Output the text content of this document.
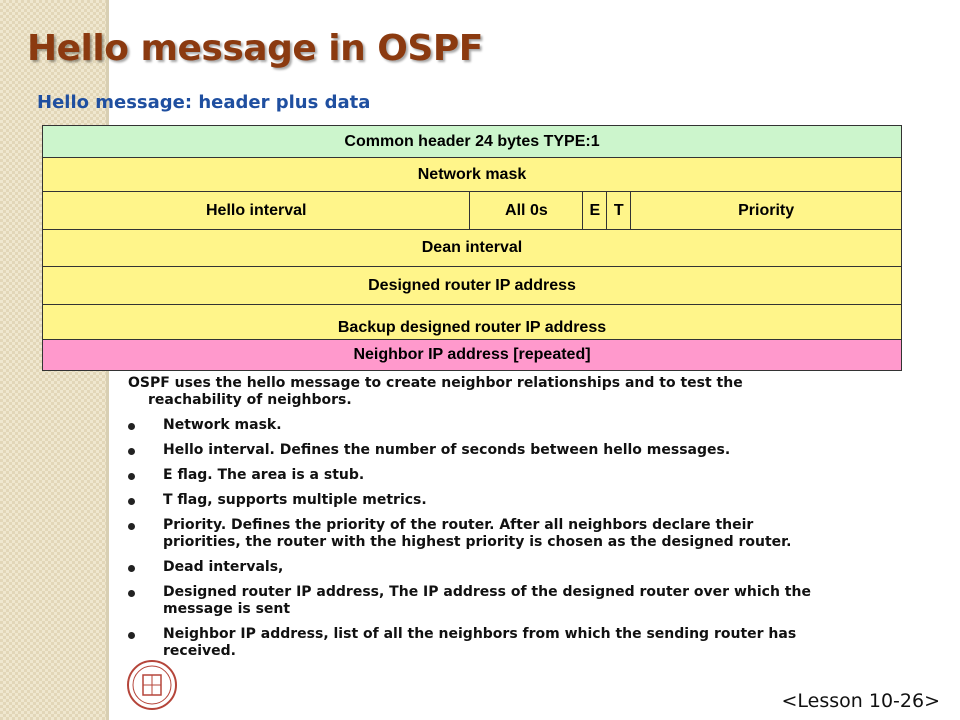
Hello message in OSPF
Hello message: header plus data
Common header 24 bytes TYPE:1
Network mask
Hello interval	All 0s	E	T	Priority
Dean interval
Designed router IP address
Backup designed router IP address
Neighbor IP address [repeated]

OSPF uses the hello message to create neighbor relationships and to test the reachability of neighbors.

Network mask.
Hello interval. Defines the number of seconds between hello messages.
E flag. The area is a stub.
T flag, supports multiple metrics.
Priority. Defines the priority of the router. After all neighbors declare their priorities, the router with the highest priority is chosen as the designed router.
Dead intervals,
Designed router IP address, The IP address of the designed router over which the message is sent
Neighbor IP address, list of all the neighbors from which the sending router has received.
<Lesson 10-26>
